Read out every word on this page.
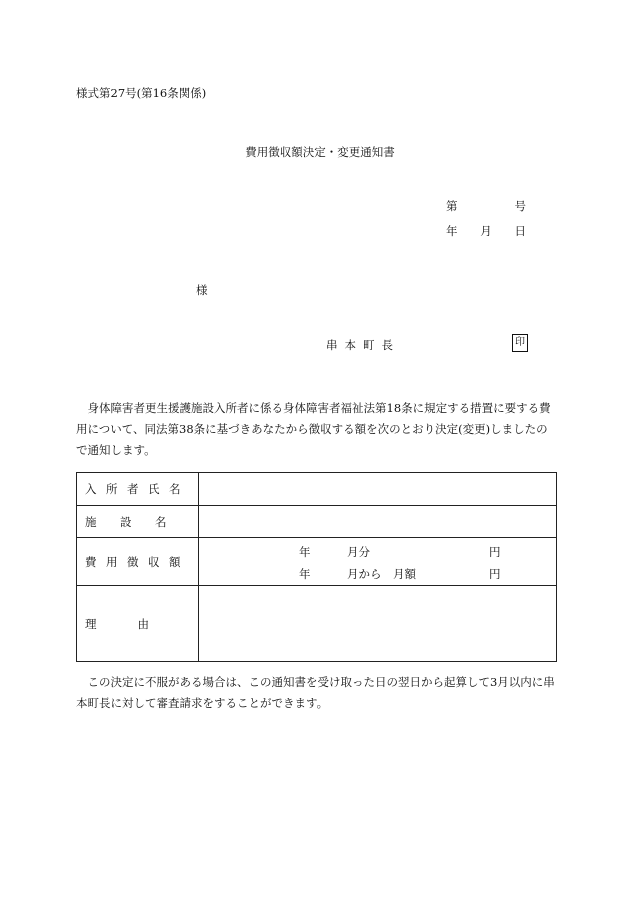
様式第27号(第16条関係)
費用徴収額決定・変更通知書
第	号
年 月 日
様
串本町長	印
身体障害者更生援護施設入所者に係る身体障害者福祉法第18条に規定する措置に要する費用について、同法第38条に基づきあなたから徴収する額を次のとおり決定(変更)しましたので通知します。
入 所 者 氏 名
施	設	名
費 用 徴 収 額
年	月分	円
年	月から 月額	円
理	由
この決定に不服がある場合は、この通知書を受け取った日の翌日から起算して3月以内に串本町長に対して審査請求をすることができます。
